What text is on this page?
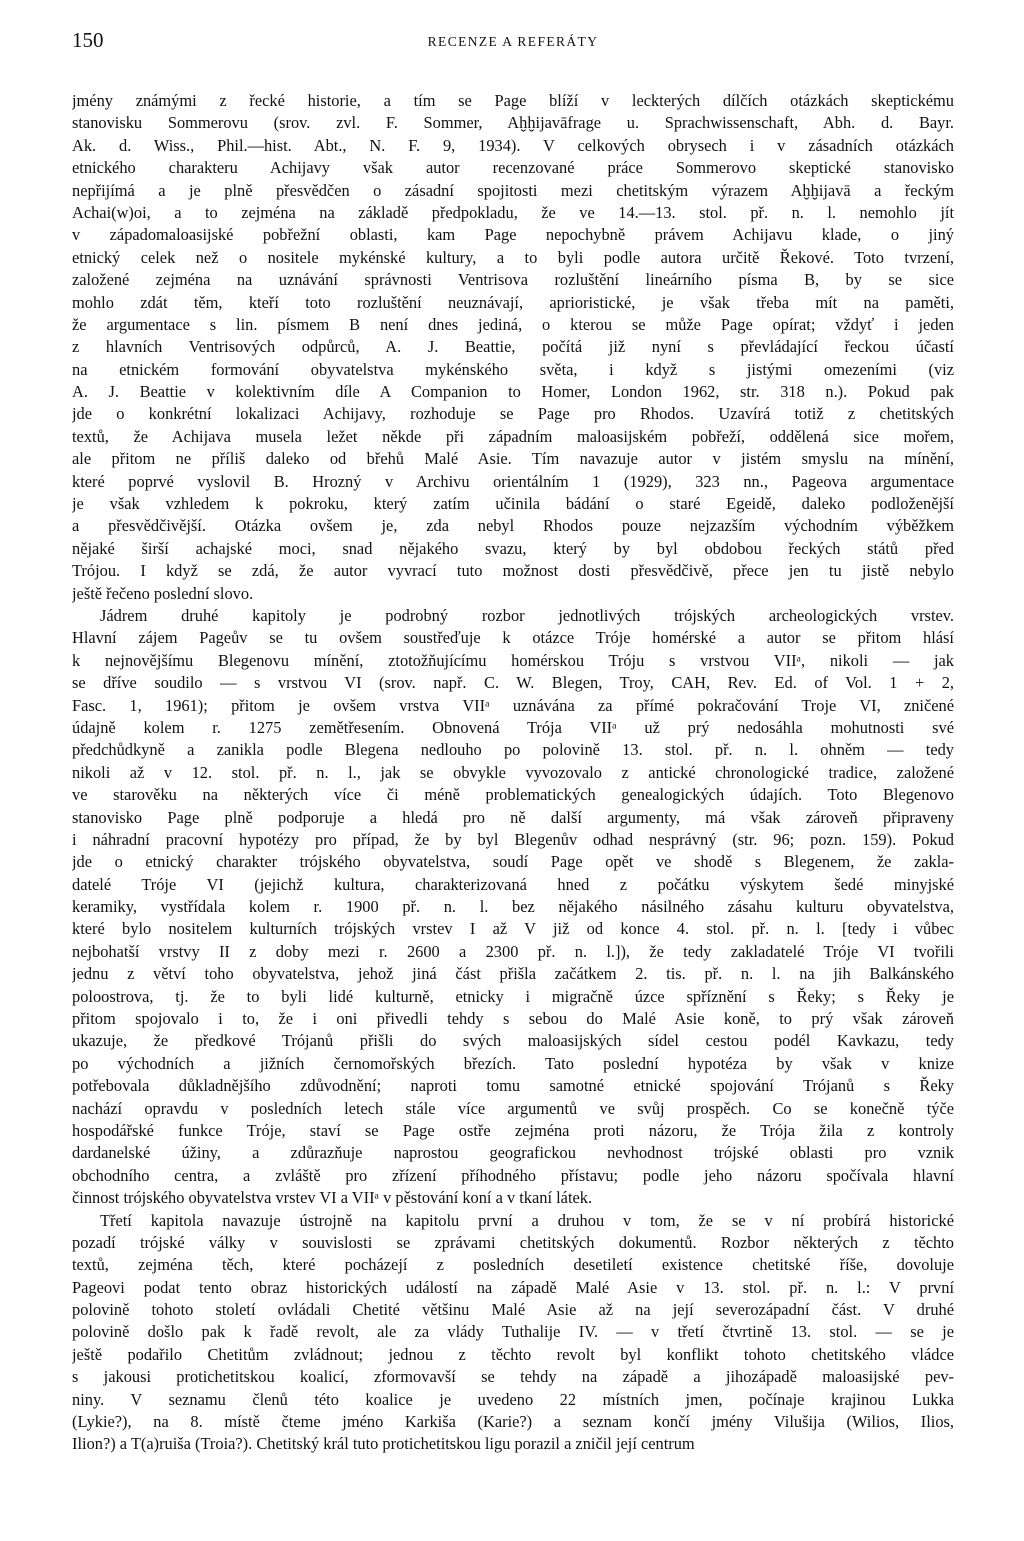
150	RECENZE A REFERÁTY
jmény známými z řecké historie, a tím se Page blíží v leckterých dílčích otázkách skeptickému
stanovisku Sommerovu (srov. zvl. F. Sommer, Aḫḫijavāfrage u. Sprachwissenschaft, Abh. d. Bayr.
Ak. d. Wiss., Phil.—hist. Abt., N. F. 9, 1934). V celkových obrysech i v zásadních otázkách
etnického charakteru Achijavy však autor recenzované práce Sommerovo skeptické stanovisko
nepřijímá a je plně přesvědčen o zásadní spojitosti mezi chetitským výrazem Aḫḫijavā a řeckým
Achai(w)oi, a to zejména na základě předpokladu, že ve 14.—13. stol. př. n. l. nemohlo jít
v západomaloasijské pobřežní oblasti, kam Page nepochybně právem Achijavu klade, o jiný
etnický celek než o nositele mykénské kultury, a to byli podle autora určitě Řekové. Toto tvrzení,
založené zejména na uznávání správnosti Ventrisova rozluštění lineárního písma B, by se sice
mohlo zdát těm, kteří toto rozluštění neuznávají, aprioristické, je však třeba mít na paměti,
že argumentace s lin. písmem B není dnes jediná, o kterou se může Page opírat; vždyť i jeden
z hlavních Ventrisových odpůrců, A. J. Beattie, počítá již nyní s převládající řeckou účastí
na etnickém formování obyvatelstva mykénského světa, i když s jistými omezeními (viz
A. J. Beattie v kolektivním díle A Companion to Homer, London 1962, str. 318 n.). Pokud pak
jde o konkrétní lokalizaci Achijavy, rozhoduje se Page pro Rhodos. Uzavírá totiž z chetitských
textů, že Achijava musela ležet někde při západním maloasijském pobřeží, oddělená sice mořem,
ale přitom ne příliš daleko od břehů Malé Asie. Tím navazuje autor v jistém smyslu na mínění,
které poprvé vyslovil B. Hrozný v Archivu orientálním 1 (1929), 323 nn., Pageova argumentace
je však vzhledem k pokroku, který zatím učinila bádání o staré Egeidě, daleko podloženější
a přesvědčivější. Otázka ovšem je, zda nebyl Rhodos pouze nejzazším východním výběžkem
nějaké širší achajské moci, snad nějakého svazu, který by byl obdobou řeckých států před
Trójou. I když se zdá, že autor vyvrací tuto možnost dosti přesvědčivě, přece jen tu jistě nebylo
ještě řečeno poslední slovo.
Jádrem druhé kapitoly je podrobný rozbor jednotlivých trójských archeologických vrstev.
Hlavní zájem Pageův se tu ovšem soustřeďuje k otázce Tróje homérské a autor se přitom hlásí
k nejnovějšímu Blegenovu mínění, ztotožňujícímu homérskou Tróju s vrstvou VIIᵃ, nikoli — jak
se dříve soudilo — s vrstvou VI (srov. např. C. W. Blegen, Troy, CAH, Rev. Ed. of Vol. 1 + 2,
Fasc. 1, 1961); přitom je ovšem vrstva VIIᵃ uznávána za přímé pokračování Troje VI, zničené
údajně kolem r. 1275 zemětřesením. Obnovená Trója VIIᵃ už prý nedosáhla mohutnosti své
předchůdkyně a zanikla podle Blegena nedlouho po polovině 13. stol. př. n. l. ohněm — tedy
nikoli až v 12. stol. př. n. l., jak se obvykle vyvozovalo z antické chronologické tradice, založené
ve starověku na některých více či méně problematických genealogických údajích. Toto Blegenovo
stanovisko Page plně podporuje a hledá pro ně další argumenty, má však zároveň připraveny
i náhradní pracovní hypotézy pro případ, že by byl Blegenův odhad nesprávný (str. 96; pozn. 159). Pokud
jde o etnický charakter trójského obyvatelstva, soudí Page opět ve shodě s Blegenem, že zakla-
datelé Tróje VI (jejichž kultura, charakterizovaná hned z počátku výskytem šedé minyjské
keramiky, vystřídala kolem r. 1900 př. n. l. bez nějakého násilného zásahu kulturu obyvatelstva,
které bylo nositelem kulturních trójských vrstev I až V již od konce 4. stol. př. n. l. [tedy i vůbec
nejbohatší vrstvy II z doby mezi r. 2600 a 2300 př. n. l.]), že tedy zakladatelé Tróje VI tvořili
jednu z větví toho obyvatelstva, jehož jiná část přišla začátkem 2. tis. př. n. l. na jih Balkánského
poloostrova, tj. že to byli lidé kulturně, etnicky i migračně úzce spříznění s Řeky; s Řeky je
přitom spojovalo i to, že i oni přivedli tehdy s sebou do Malé Asie koně, to prý však zároveň
ukazuje, že předkové Trójanů přišli do svých maloasijských sídel cestou podél Kavkazu, tedy
po východních a jižních černomořských březích. Tato poslední hypotéza by však v knize
potřebovala důkladnějšího zdůvodnění; naproti tomu samotné etnické spojování Trójanů s Řeky
nachází opravdu v posledních letech stále více argumentů ve svůj prospěch. Co se konečně týče
hospodářské funkce Tróje, staví se Page ostře zejména proti názoru, že Trója žila z kontroly
dardanelské úžiny, a zdůrazňuje naprostou geografickou nevhodnost trójské oblasti pro vznik
obchodního centra, a zvláště pro zřízení příhodného přístavu; podle jeho názoru spočívala hlavní
činnost trójského obyvatelstva vrstev VI a VIIᵃ v pěstování koní a v tkaní látek.
Třetí kapitola navazuje ústrojně na kapitolu první a druhou v tom, že se v ní probírá historické
pozadí trójské války v souvislosti se zprávami chetitských dokumentů. Rozbor některých z těchto
textů, zejména těch, které pocházejí z posledních desetiletí existence chetitské říše, dovoluje
Pageovi podat tento obraz historických událostí na západě Malé Asie v 13. stol. př. n. l.: V první
polovině tohoto století ovládali Chetité většinu Malé Asie až na její severozápadní část. V druhé
polovině došlo pak k řadě revolt, ale za vlády Tuthalije IV. — v třetí čtvrtině 13. stol. — se je
ještě podařilo Chetitům zvládnout; jednou z těchto revolt byl konflikt tohoto chetitského vládce
s jakousi protichetitskou koalicí, zformovavší se tehdy na západě a jihozápadě maloasijské pev-
niny. V seznamu členů této koalice je uvedeno 22 místních jmen, počínaje krajinou Lukka
(Lykie?), na 8. místě čteme jméno Karkiša (Karie?) a seznam končí jmény Vilušija (Wilios, Ilios,
Ilion?) a T(a)ruiša (Troia?). Chetitský král tuto protichetitskou ligu porazil a zničil její centrum
